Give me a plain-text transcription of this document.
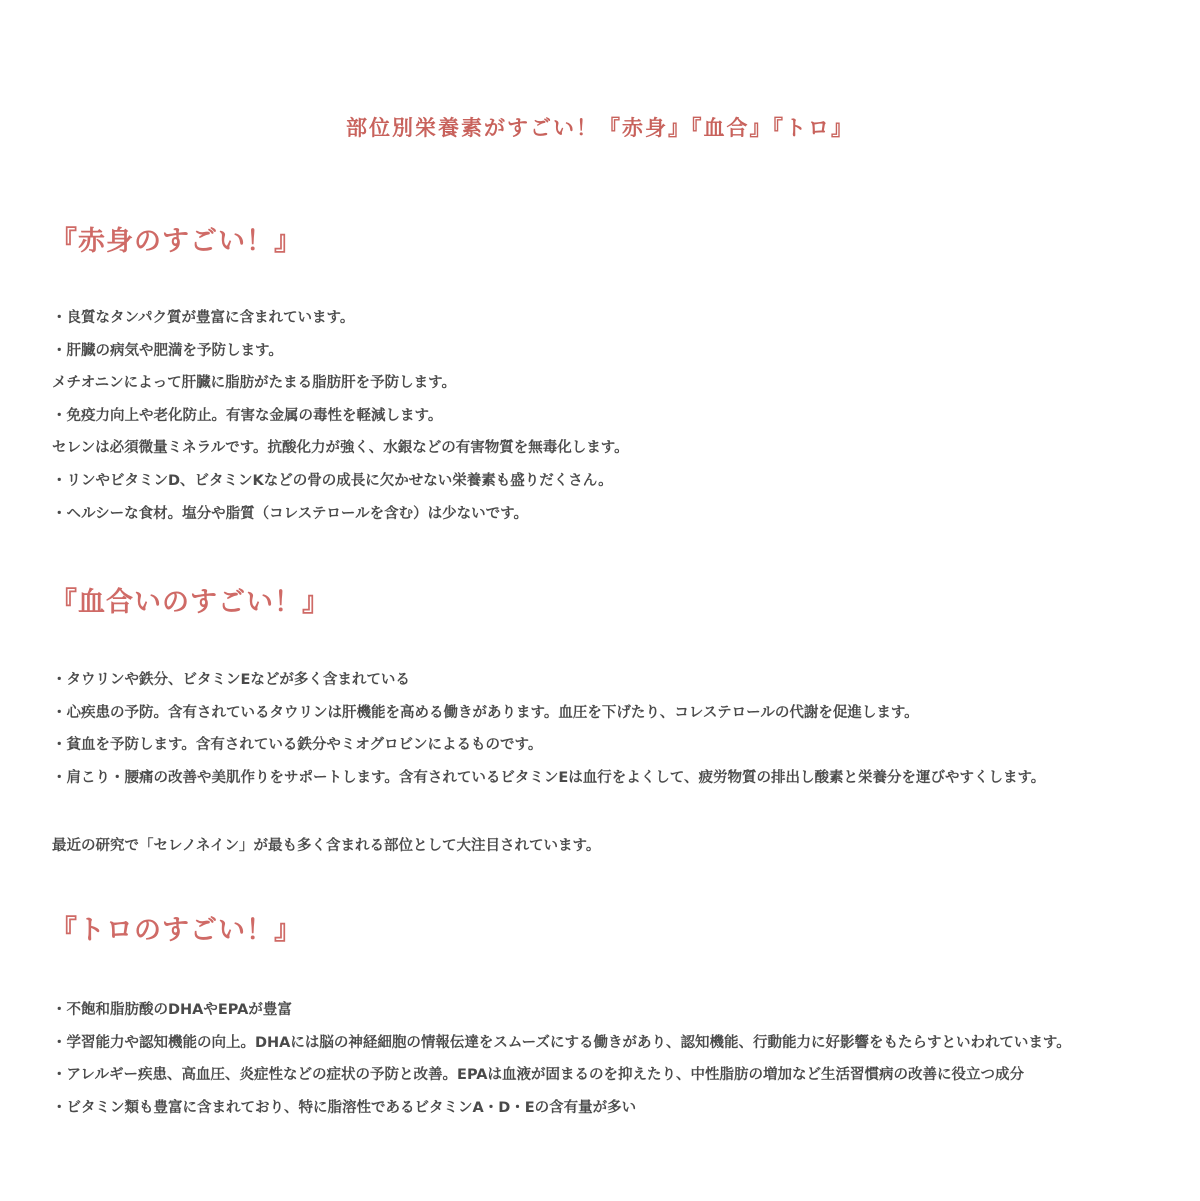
部位別栄養素がすごい！『赤身』『血合』『トロ』
『赤身のすごい！』
・良質なタンパク質が豊富に含まれています。
・肝臓の病気や肥満を予防します。
メチオニンによって肝臓に脂肪がたまる脂肪肝を予防します。
・免疫力向上や老化防止。有害な金属の毒性を軽減します。
セレンは必須微量ミネラルです。抗酸化力が強く、水銀などの有害物質を無毒化します。
・リンやビタミンD、ビタミンKなどの骨の成長に欠かせない栄養素も盛りだくさん。
・ヘルシーな食材。塩分や脂質（コレステロールを含む）は少ないです。
『血合いのすごい！』
・タウリンや鉄分、ビタミンEなどが多く含まれている
・心疾患の予防。含有されているタウリンは肝機能を高める働きがあります。血圧を下げたり、コレステロールの代謝を促進します。
・貧血を予防します。含有されている鉄分やミオグロビンによるものです。
・肩こり・腰痛の改善や美肌作りをサポートします。含有されているビタミンEは血行をよくして、疲労物質の排出し酸素と栄養分を運びやすくします。

最近の研究で「セレノネイン」が最も多く含まれる部位として大注目されています。

『トロのすごい！』
・不飽和脂肪酸のDHAやEPAが豊富
・学習能力や認知機能の向上。DHAには脳の神経細胞の情報伝達をスムーズにする働きがあり、認知機能、行動能力に好影響をもたらすといわれています。
・アレルギー疾患、高血圧、炎症性などの症状の予防と改善。EPAは血液が固まるのを抑えたり、中性脂肪の増加など生活習慣病の改善に役立つ成分
・ビタミン類も豊富に含まれており、特に脂溶性であるビタミンA・D・Eの含有量が多い
